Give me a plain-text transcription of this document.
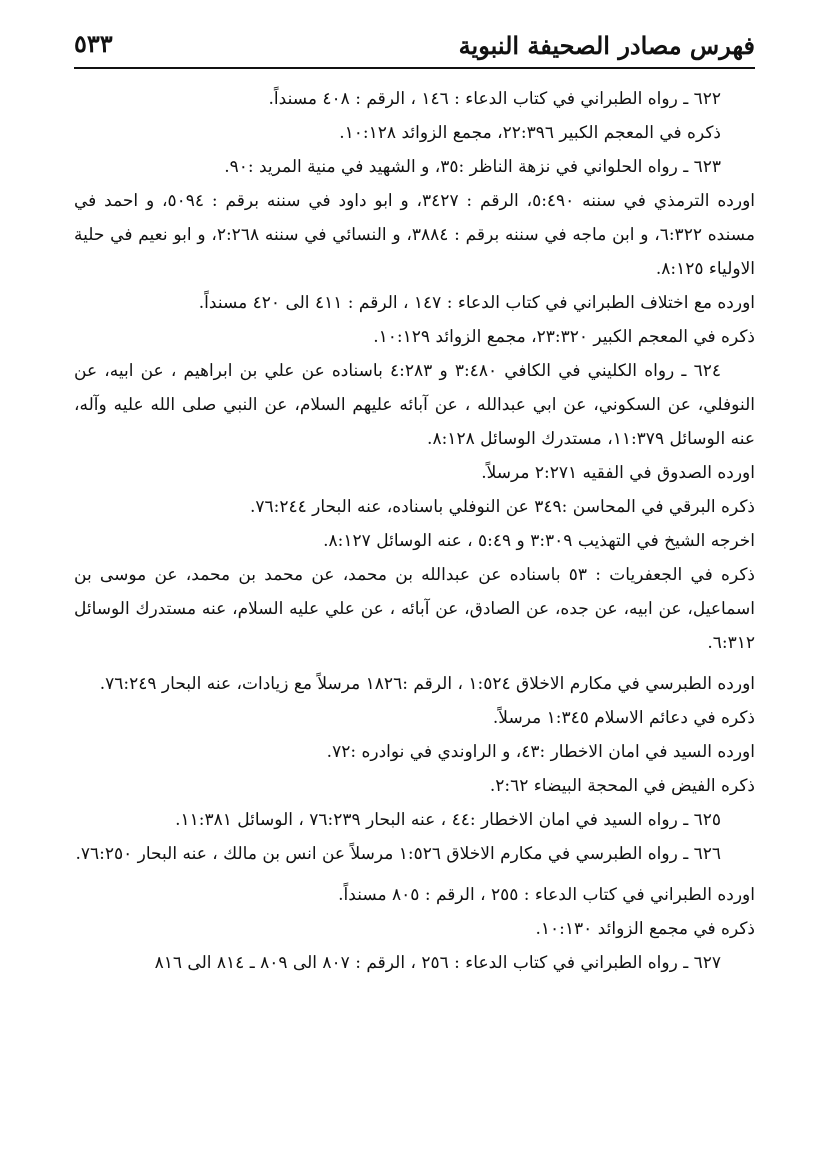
فهرس مصادر الصحيفة النبوية
٥٣٣

٦٢٢ ـ رواه الطبراني في كتاب الدعاء : ١٤٦ ، الرقم : ٤٠٨ مسنداً.

ذكره في المعجم الكبير ٢٢:٣٩٦، مجمع الزوائد ١٠:١٢٨.

٦٢٣ ـ رواه الحلواني في نزهة الناظر :٣٥، و الشهيد في منية المريد :٩٠.

اورده الترمذي في سننه ٥:٤٩٠، الرقم : ٣٤٢٧، و ابو داود في سننه برقم : ٥٠٩٤، و احمد في مسنده ٦:٣٢٢، و ابن ماجه في سننه برقم : ٣٨٨٤، و النسائي في سننه ٢:٢٦٨، و ابو نعيم في حلية الاولياء ٨:١٢٥.

اورده مع اختلاف الطبراني في كتاب الدعاء : ١٤٧ ، الرقم : ٤١١ الى ٤٢٠ مسنداً.

ذكره في المعجم الكبير ٢٣:٣٢٠، مجمع الزوائد ١٠:١٢٩.

٦٢٤ ـ رواه الكليني في الكافي ٣:٤٨٠ و ٤:٢٨٣ باسناده عن علي بن ابراهيم ، عن ابيه، عن النوفلي، عن السكوني، عن ابي عبدالله ، عن آبائه عليهم السلام، عن النبي صلى الله عليه وآله، عنه الوسائل ١١:٣٧٩، مستدرك الوسائل ٨:١٢٨.

اورده الصدوق في الفقيه ٢:٢٧١ مرسلاً.

ذكره البرقي في المحاسن :٣٤٩ عن النوفلي باسناده، عنه البحار ٧٦:٢٤٤.

اخرجه الشيخ في التهذيب ٣:٣٠٩ و ٥:٤٩ ، عنه الوسائل ٨:١٢٧.

ذكره في الجعفريات : ٥٣ باسناده عن عبدالله بن محمد، عن محمد بن محمد، عن موسى بن اسماعيل، عن ابيه، عن جده، عن الصادق، عن آبائه ، عن علي عليه السلام، عنه مستدرك الوسائل ٦:٣١٢.

اورده الطبرسي في مكارم الاخلاق ١:٥٢٤ ، الرقم :١٨٢٦ مرسلاً مع زيادات، عنه البحار ٧٦:٢٤٩.

ذكره في دعائم الاسلام ١:٣٤٥ مرسلاً.

اورده السيد في امان الاخطار :٤٣، و الراوندي في نوادره :٧٢.

ذكره الفيض في المحجة البيضاء ٢:٦٢.

٦٢٥ ـ رواه السيد في امان الاخطار :٤٤ ، عنه البحار ٧٦:٢٣٩ ، الوسائل ١١:٣٨١.

٦٢٦ ـ رواه الطبرسي في مكارم الاخلاق ١:٥٢٦ مرسلاً عن انس بن مالك ، عنه البحار ٧٦:٢٥٠.

اورده الطبراني في كتاب الدعاء : ٢٥٥ ، الرقم : ٨٠٥ مسنداً.

ذكره في مجمع الزوائد ١٠:١٣٠.

٦٢٧ ـ رواه الطبراني في كتاب الدعاء : ٢٥٦ ، الرقم : ٨٠٧ الى ٨٠٩ ـ ٨١٤ الى ٨١٦
